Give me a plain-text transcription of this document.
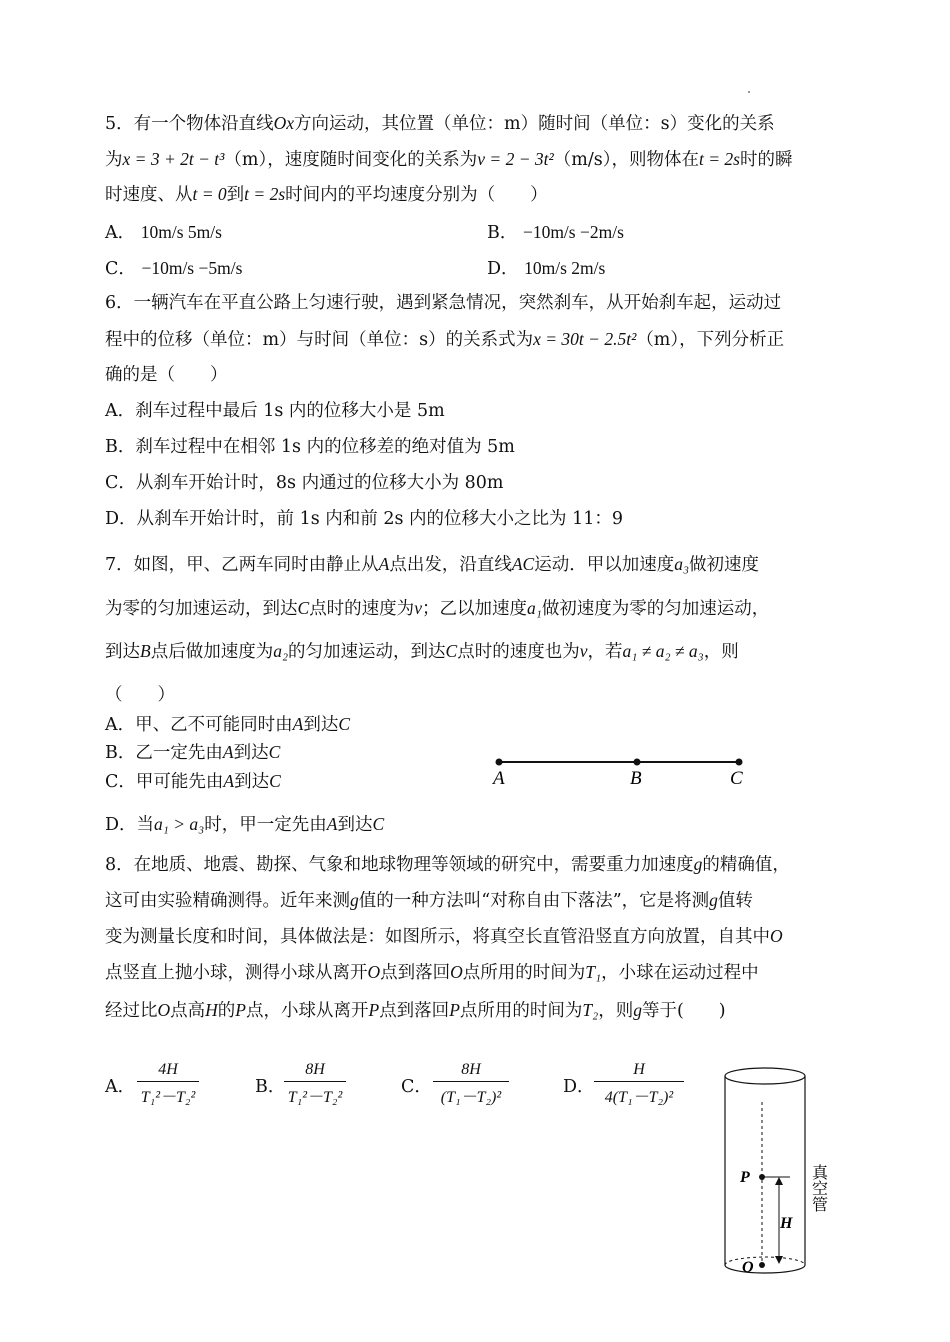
5．有一个物体沿直线Ox方向运动，其位置（单位：m）随时间（单位：s）变化的关系
为x = 3 + 2t − t³（m），速度随时间变化的关系为v = 2 − 3t²（m/s），则物体在t = 2s时的瞬
时速度、从t = 0到t = 2s时间内的平均速度分别为（　　）
A． 10m/s 5m/s	B． −10m/s −2m/s
C． −10m/s −5m/s	D． 10m/s 2m/s
6．一辆汽车在平直公路上匀速行驶，遇到紧急情况，突然刹车，从开始刹车起，运动过
程中的位移（单位：m）与时间（单位：s）的关系式为x = 30t − 2.5t²（m），下列分析正
确的是（　　）
A．刹车过程中最后 1s 内的位移大小是 5m
B．刹车过程中在相邻 1s 内的位移差的绝对值为 5m
C．从刹车开始计时，8s 内通过的位移大小为 80m
D．从刹车开始计时，前 1s 内和前 2s 内的位移大小之比为 11：9
7．如图，甲、乙两车同时由静止从A点出发，沿直线AC运动．甲以加速度a₃做初速度
为零的匀加速运动，到达C点时的速度为v；乙以加速度a₁做初速度为零的匀加速运动，
到达B点后做加速度为a₂的匀加速运动，到达C点时的速度也为v，若a₁ ≠ a₂ ≠ a₃，则
（　　）
A．甲、乙不可能同时由A到达C
B．乙一定先由A到达C
C．甲可能先由A到达C
D．当a₁ > a₃时，甲一定先由A到达C
A	B	C
8．在地质、地震、勘探、气象和地球物理等领域的研究中，需要重力加速度g的精确值，
这可由实验精确测得。近年来测g值的一种方法叫“对称自由下落法”，它是将测g值转
变为测量长度和时间，具体做法是：如图所示，将真空长直管沿竖直方向放置，自其中O
点竖直上抛小球，测得小球从离开O点到落回O点所用的时间为T₁，小球在运动过程中
经过比O点高H的P点，小球从离开P点到落回P点所用的时间为T₂，则g等于(　　)
A．
4H
T₁²－T₂²
B．
8H
T₁²－T₂²
C．
8H
(T₁－T₂)²
D．
H
4(T₁－T₂)²
P
H
O
真空管
